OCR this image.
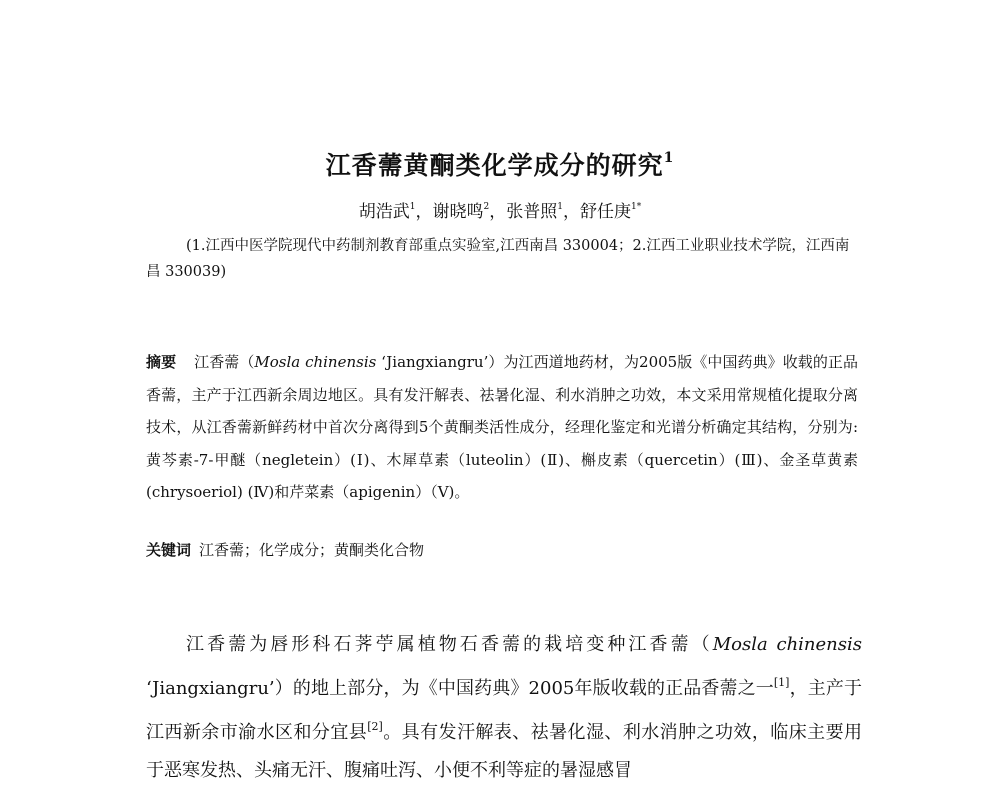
江香薷黄酮类化学成分的研究$^1$
胡浩武$^1$，谢晓鸣$^2$，张普照$^1$，舒任庚$^{1*}$

(1.江西中医学院现代中药制剂教育部重点实验室,江西南昌 330004；2.江西工业职业技术学院，江西南昌 330039)

摘要 江香薷（Mosla chinensis ‘Jiangxiangru’）为江西道地药材，为2005版《中国药典》收载的正品香薷，主产于江西新余周边地区。具有发汗解表、祛暑化湿、利水消肿之功效，本文采用常规植化提取分离技术，从江香薷新鲜药材中首次分离得到5个黄酮类活性成分，经理化鉴定和光谱分析确定其结构，分别为:黄芩素-7-甲醚（negletein）(Ⅰ)、木犀草素（luteolin）(Ⅱ)、槲皮素（quercetin）(Ⅲ)、金圣草黄素(chrysoeriol) (Ⅳ)和芹菜素（apigenin）（Ⅴ)。

关键词 江香薷；化学成分；黄酮类化合物

江香薷为唇形科石荠苧属植物石香薷的栽培变种江香薷（Mosla chinensis ‘Jiangxiangru’）的地上部分，为《中国药典》2005年版收载的正品香薷之一[1]，主产于江西新余市渝水区和分宜县[2]。具有发汗解表、祛暑化湿、利水消肿之功效，临床主要用于恶寒发热、头痛无汗、腹痛吐泻、小便不利等症的暑湿感冒
